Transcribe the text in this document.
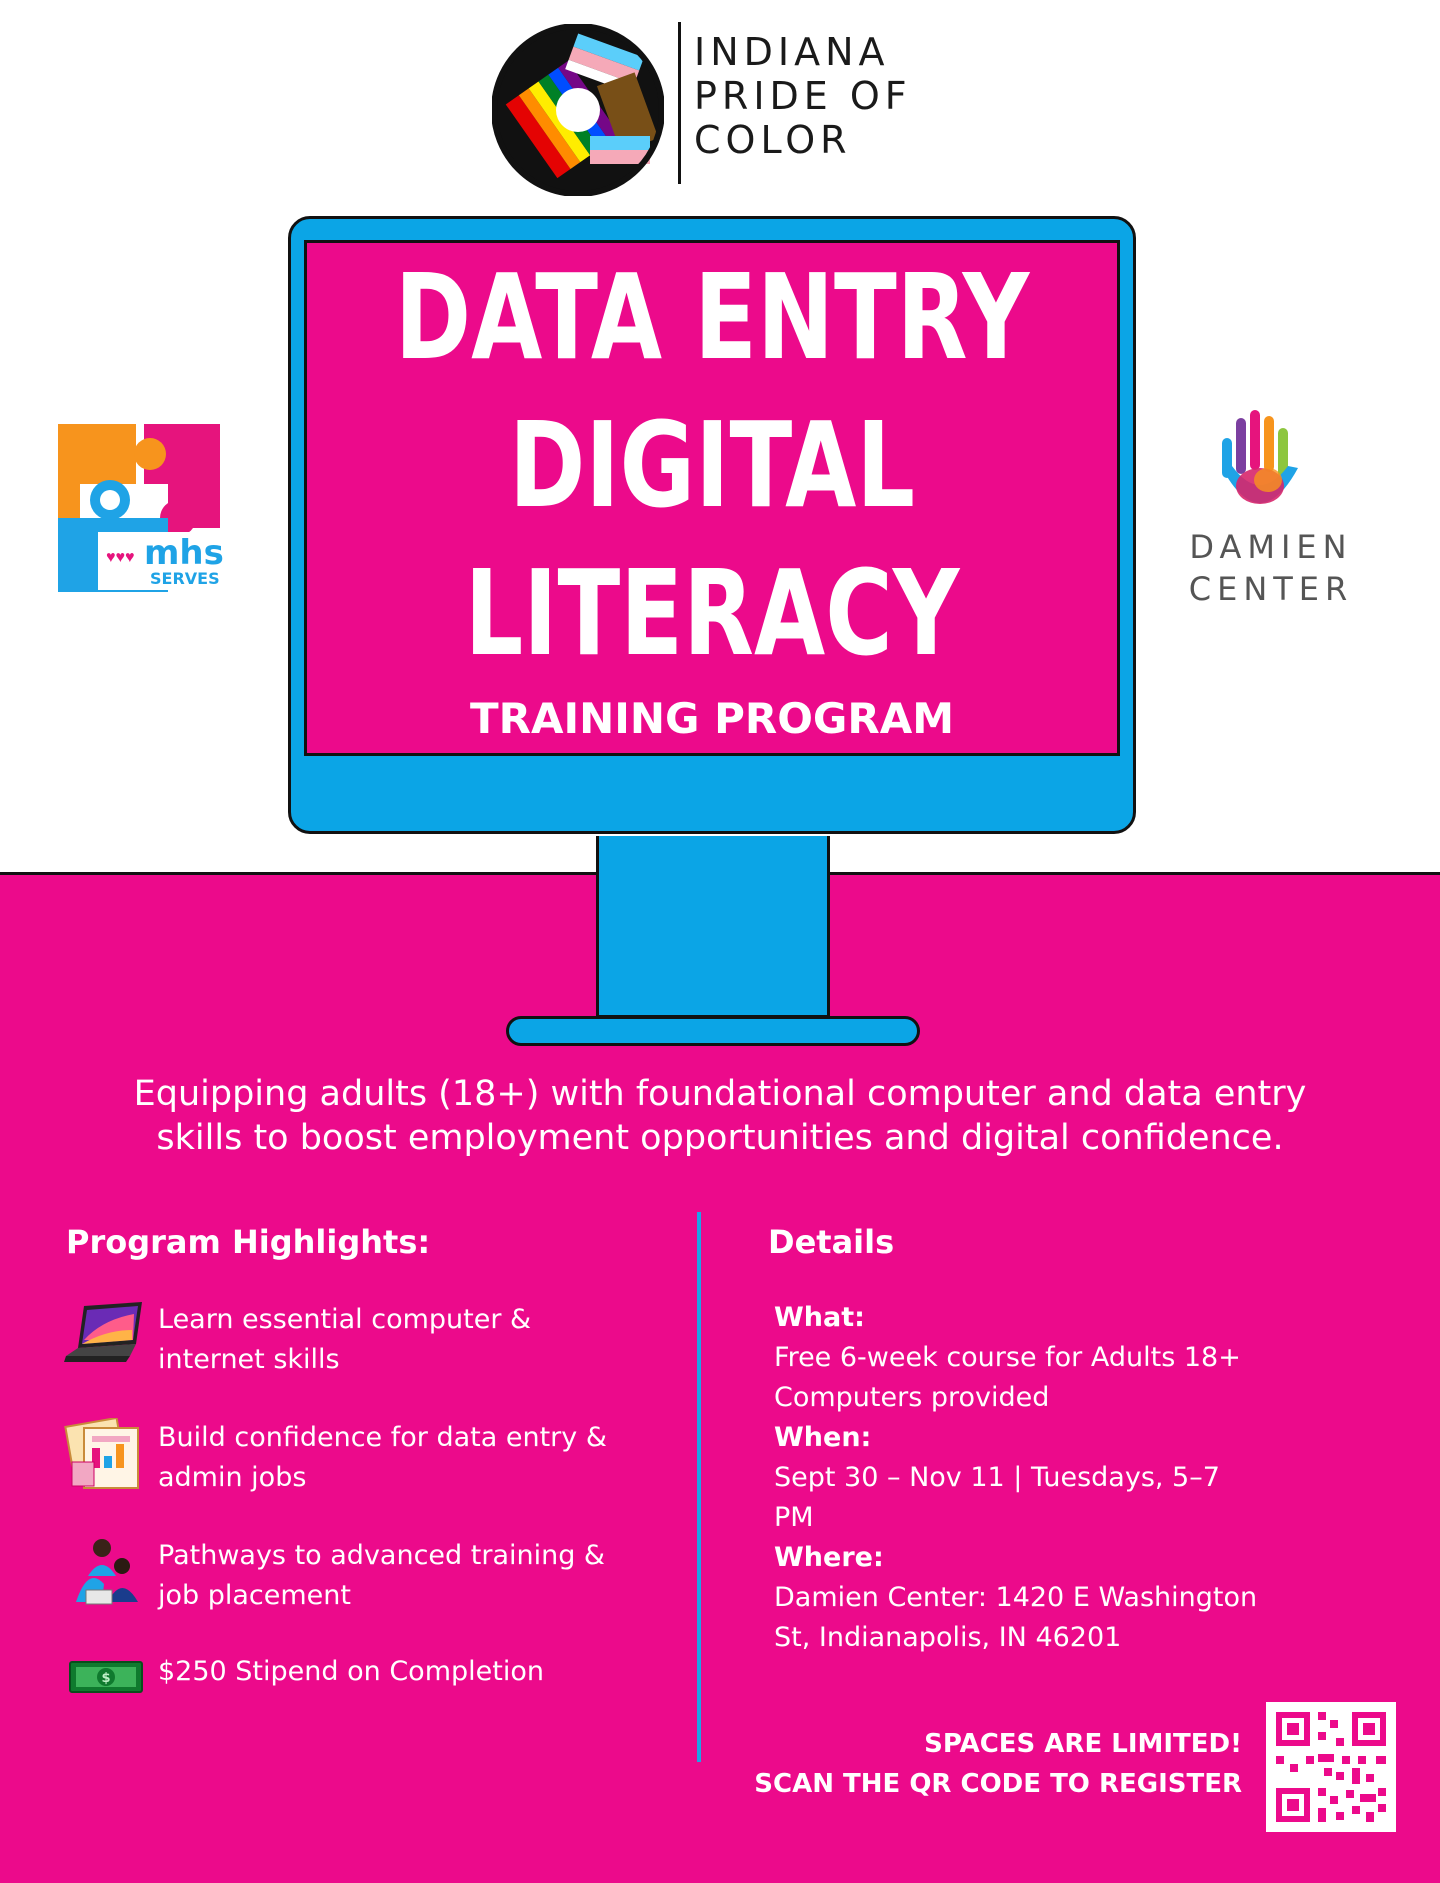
INDIANA
PRIDE OF
COLOR
DATA ENTRY
DIGITAL
LITERACY
TRAINING PROGRAM
♥♥♥ mhs
SERVES
DAMIEN
CENTER
Equipping adults (18+) with foundational computer and data entry
skills to boost employment opportunities and digital confidence.
Program Highlights:
Learn essential computer &
internet skills
Build confidence for data entry &
admin jobs
Pathways to advanced training &
job placement
$ $250 Stipend on Completion
Details
What:
Free 6-week course for Adults 18+
Computers provided
When:
Sept 30 – Nov 11 | Tuesdays, 5–7
PM
Where:
Damien Center: 1420 E Washington
St, Indianapolis, IN 46201
SPACES ARE LIMITED!
SCAN THE QR CODE TO REGISTER
